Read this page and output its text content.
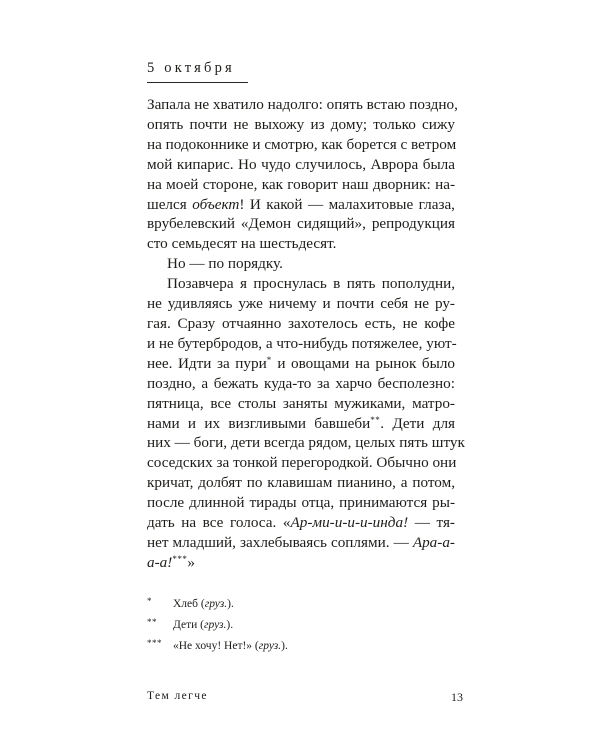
5 октября
Запала не хватило надолго: опять встаю поздно,
опять почти не выхожу из дому; только сижу
на подоконнике и смотрю, как борется с ветром
мой кипарис. Но чудо случилось, Аврора была
на моей стороне, как говорит наш дворник: на-
шелся объект! И какой — малахитовые глаза,
врубелевский «Демон сидящий», репродукция
сто семьдесят на шестьдесят.
Но — по порядку.
Позавчера я проснулась в пять пополудни,
не удивляясь уже ничему и почти себя не ру-
гая. Сразу отчаянно захотелось есть, не кофе
и не бутербродов, а что-нибудь потяжелее, уют-
нее. Идти за пури* и овощами на рынок было
поздно, а бежать куда-то за харчо бесполезно:
пятница, все столы заняты мужиками, матро-
нами и их визгливыми бавшеби**. Дети для
них — боги, дети всегда рядом, целых пять штук
соседских за тонкой перегородкой. Обычно они
кричат, долбят по клавишам пианино, а потом,
после длинной тирады отца, принимаются ры-
дать на все голоса. «Ар-ми-и-и-и-инда! — тя-
нет младший, захлебываясь соплями. — Ара-а-
а-а!***»
*	Хлеб (груз.).
**	Дети (груз.).
*** «Не хочу! Нет!» (груз.).
Тем легче	13
